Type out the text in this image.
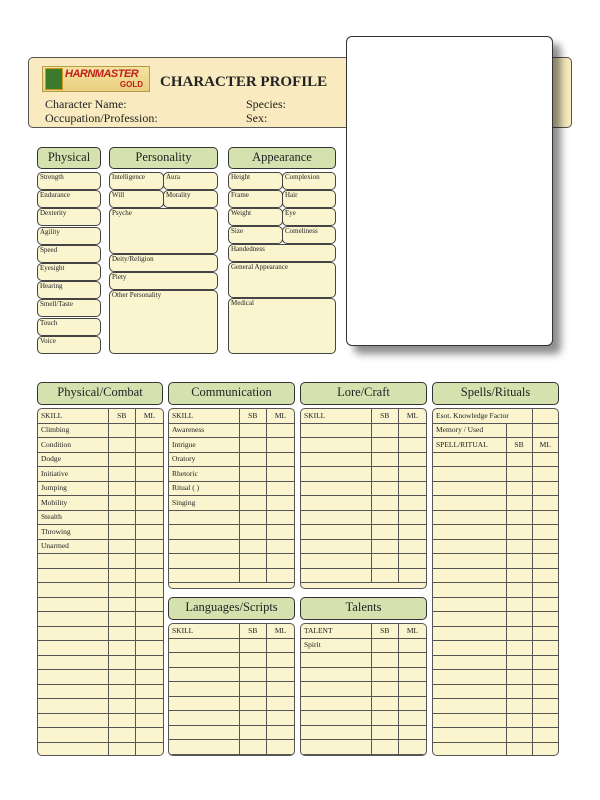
HARNMASTER
GOLD CHARACTER PROFILE
Character Name:
Occupation/Profession:
Species:
Sex:
Physical	Personality	Appearance
Strength
Endurance
Dexterity
Agility
Speed
Eyesight
Hearing
Smell/Taste
Touch
Voice
Intelligence	Aura
Will	Morality
Psyche
Deity/Religion
Piety
Other Personality
Height	Complexion
Frame	Hair
Weight	Eye
Size	Comeliness
Handedness
General Appearance
Medical
Physical/Combat	Communication	Lore/Craft	Spells/Rituals
Languages/Scripts	Talents
SKILL	SB	ML
Climbing		
Condition		
Dodge		
Initiative		
Jumping		
Mobility		
Stealth		
Throwing		
Unarmed		

SKILL	SB	ML
Awareness		
Intrigue		
Oratory		
Rhetoric		
Ritual ( )		
Singing		

SKILL	SB	ML

SKILL	SB	ML

		TALENT	SB	ML
Spirit		

Esot. Knowledge Factor		
Memory / Used		
SPELL/RITUAL	SB	ML
